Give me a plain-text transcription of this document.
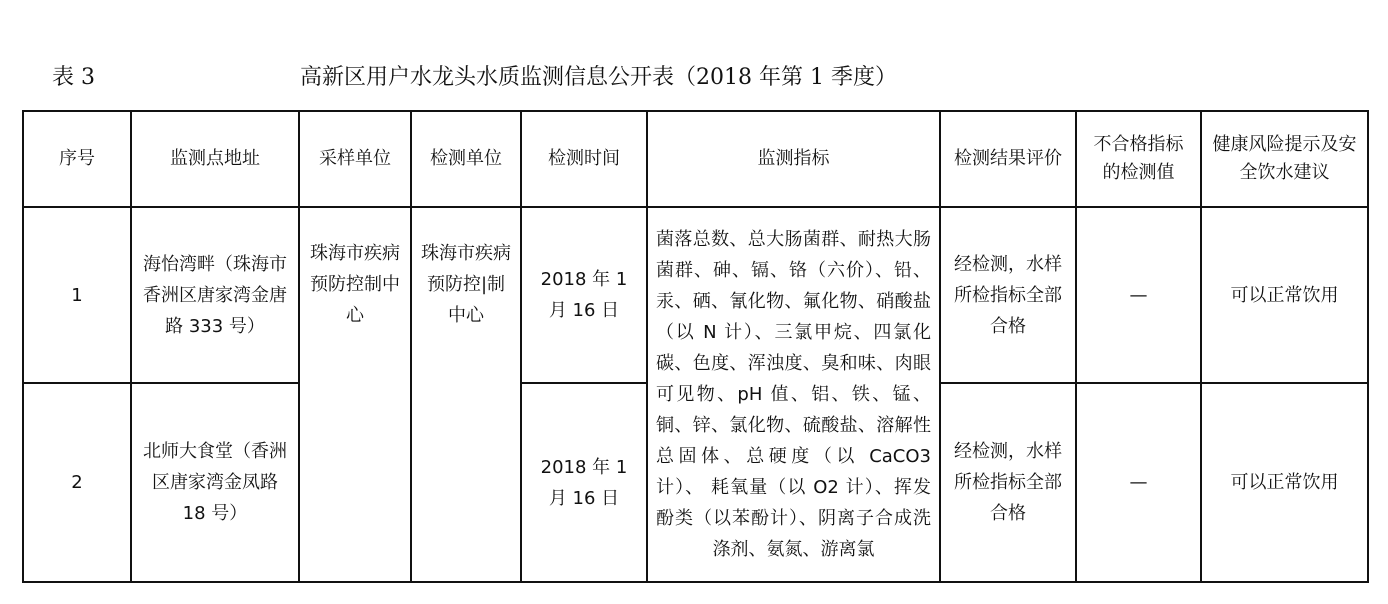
表 3	高新区用户水龙头水质监测信息公开表（2018 年第 1 季度）
序号	监测点地址	采样单位	检测单位	检测时间	监测指标	检测结果评价	不合格指标的检测值	健康风险提示及安全饮水建议
1	海怡湾畔（珠海市香洲区唐家湾金唐路 333 号）	珠海市疾病预防控制中心	珠海市疾病预防控|制中心	2018 年 1 月 16 日	菌落总数、总大肠菌群、耐热大肠菌群、砷、镉、铬（六价）、铅、汞、硒、氰化物、氟化物、硝酸盐（以 N 计）、三氯甲烷、四氯化碳、色度、浑浊度、臭和味、肉眼可见物、pH 值、铝、铁、锰、铜、锌、氯化物、硫酸盐、溶解性总固体、总硬度（以 CaCO3 计）、 耗氧量（以 O2 计）、挥发酚类（以苯酚计）、阴离子合成洗涤剂、氨氮、游离氯	经检测，水样所检指标全部合格	—	可以正常饮用
2	北师大食堂（香洲区唐家湾金凤路 18 号）			2018 年 1 月 16 日		经检测，水样所检指标全部合格	—	可以正常饮用
